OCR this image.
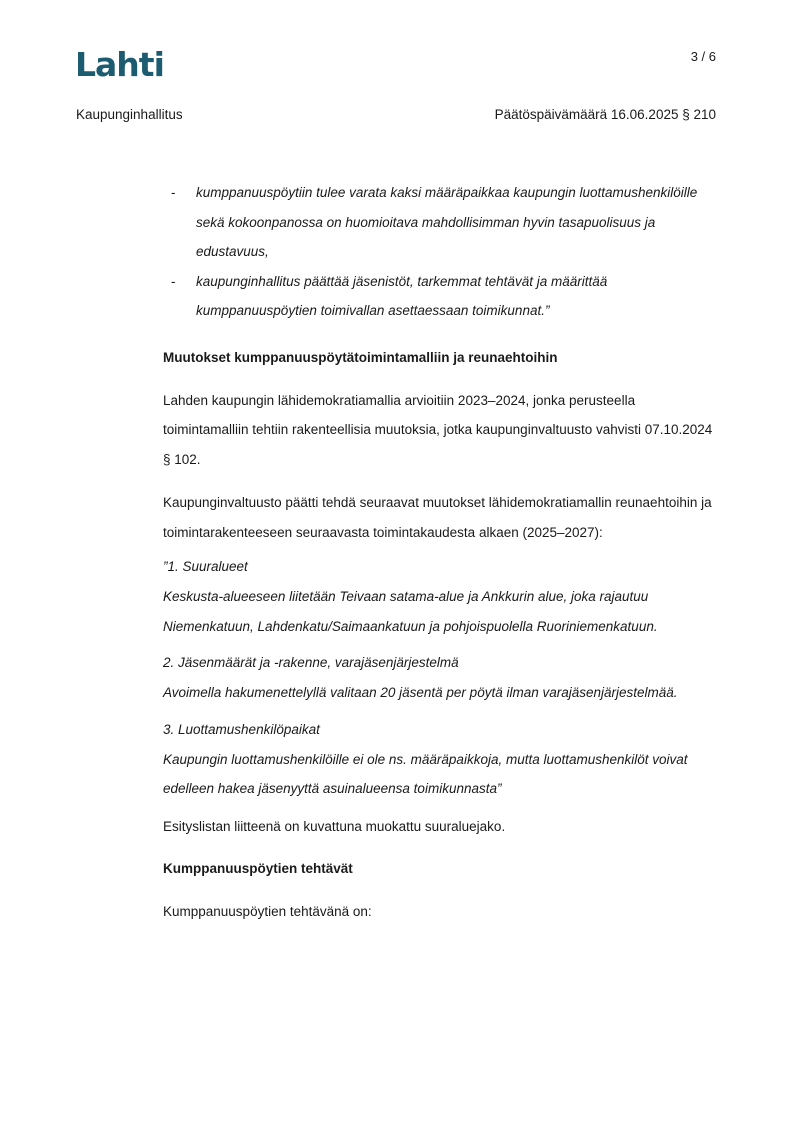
Lahti	3 / 6
Kaupunginhallitus	Päätöspäivämäärä 16.06.2025 § 210
- kumppanuuspöytiin tulee varata kaksi määräpaikkaa kaupungin luottamushenkilöille sekä kokoonpanossa on huomioitava mahdollisimman hyvin tasapuolisuus ja edustavuus,
- kaupunginhallitus päättää jäsenistöt, tarkemmat tehtävät ja määrittää kumppanuuspöytien toimivallan asettaessaan toimikunnat.”

Muutokset kumppanuuspöytätoimintamalliin ja reunaehtoihin

Lahden kaupungin lähidemokratiamallia arvioitiin 2023–2024, jonka perusteella toimintamalliin tehtiin rakenteellisia muutoksia, jotka kaupunginvaltuusto vahvisti 07.10.2024 § 102.

Kaupunginvaltuusto päätti tehdä seuraavat muutokset lähidemokratiamallin reunaehtoihin ja toimintarakenteeseen seuraavasta toimintakaudesta alkaen (2025–2027):

”1. Suuralueet

Keskusta-alueeseen liitetään Teivaan satama-alue ja Ankkurin alue, joka rajautuu Niemenkatuun, Lahdenkatu/Saimaankatuun ja pohjoispuolella Ruoriniemenkatuun.

2. Jäsenmäärät ja -rakenne, varajäsenjärjestelmä

Avoimella hakumenettelyllä valitaan 20 jäsentä per pöytä ilman varajäsenjärjestelmää.

3. Luottamushenkilöpaikat

Kaupungin luottamushenkilöille ei ole ns. määräpaikkoja, mutta luottamushenkilöt voivat edelleen hakea jäsenyyttä asuinalueensa toimikunnasta”

Esityslistan liitteenä on kuvattuna muokattu suuraluejako.

Kumppanuuspöytien tehtävät

Kumppanuuspöytien tehtävänä on:
